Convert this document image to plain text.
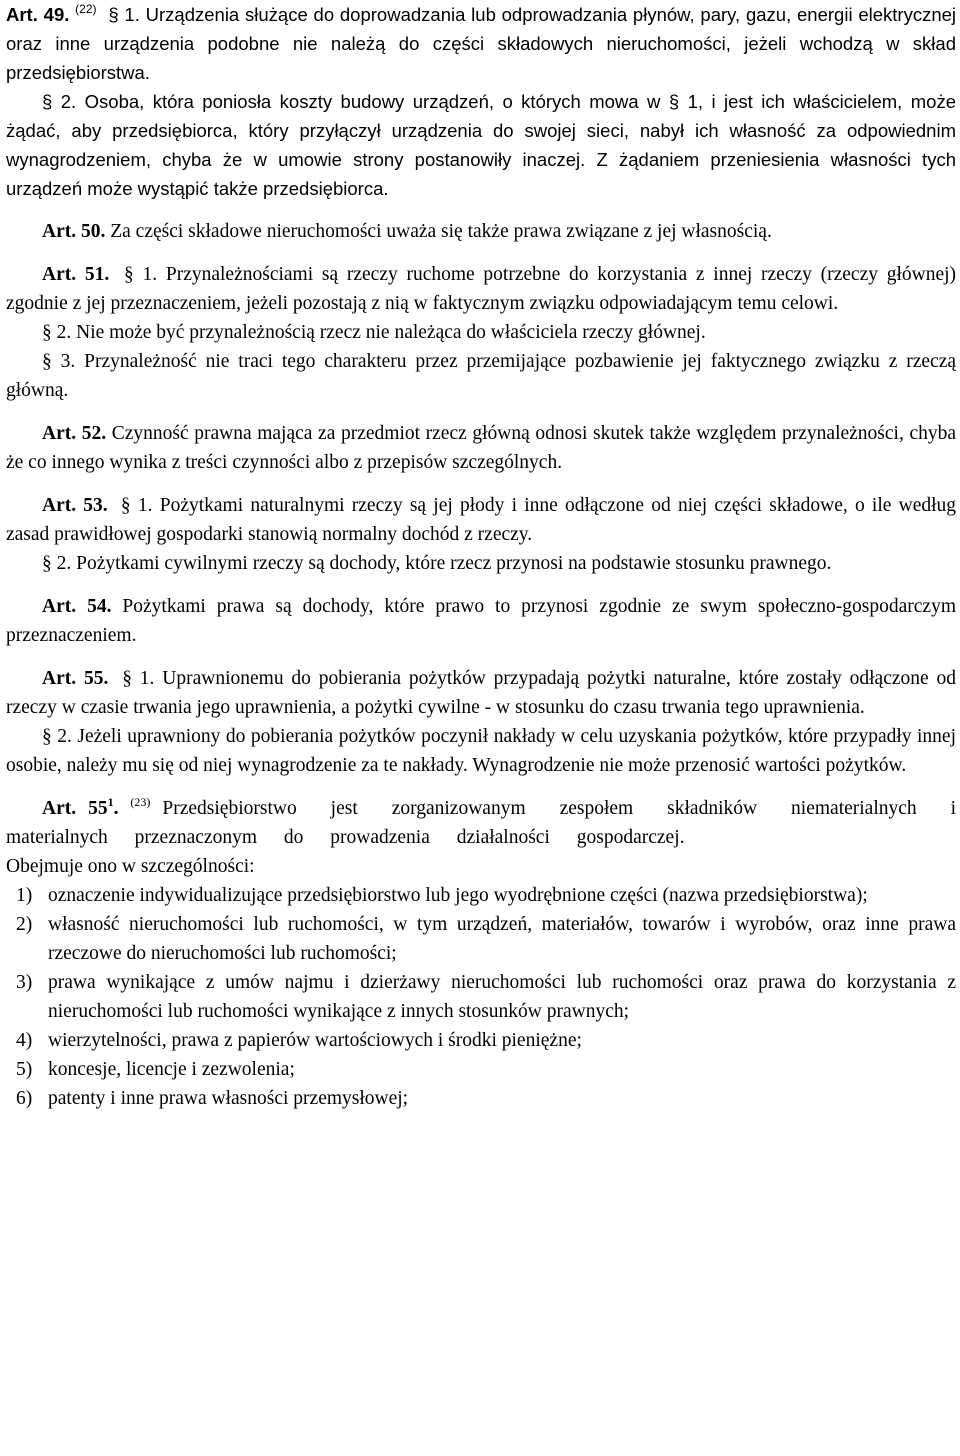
Art. 49. $^{(22)}$ § 1. Urządzenia służące do doprowadzania lub odprowadzania płynów, pary, gazu, energii elektrycznej oraz inne urządzenia podobne nie należą do części składowych nieruchomości, jeżeli wchodzą w skład przedsiębiorstwa.

§ 2. Osoba, która poniosła koszty budowy urządzeń, o których mowa w § 1, i jest ich właścicielem, może żądać, aby przedsiębiorca, który przyłączył urządzenia do swojej sieci, nabył ich własność za odpowiednim wynagrodzeniem, chyba że w umowie strony postanowiły inaczej. Z żądaniem przeniesienia własności tych urządzeń może wystąpić także przedsiębiorca.

Art. 50. Za części składowe nieruchomości uważa się także prawa związane z jej własnością.

Art. 51. § 1. Przynależnościami są rzeczy ruchome potrzebne do korzystania z innej rzeczy (rzeczy głównej) zgodnie z jej przeznaczeniem, jeżeli pozostają z nią w faktycznym związku odpowiadającym temu celowi.

§ 2. Nie może być przynależnością rzecz nie należąca do właściciela rzeczy głównej.

§ 3. Przynależność nie traci tego charakteru przez przemijające pozbawienie jej faktycznego związku z rzeczą główną.

Art. 52. Czynność prawna mająca za przedmiot rzecz główną odnosi skutek także względem przynależności, chyba że co innego wynika z treści czynności albo z przepisów szczególnych.

Art. 53. § 1. Pożytkami naturalnymi rzeczy są jej płody i inne odłączone od niej części składowe, o ile według zasad prawidłowej gospodarki stanowią normalny dochód z rzeczy.

§ 2. Pożytkami cywilnymi rzeczy są dochody, które rzecz przynosi na podstawie stosunku prawnego.

Art. 54. Pożytkami prawa są dochody, które prawo to przynosi zgodnie ze swym społeczno-gospodarczym przeznaczeniem.

Art. 55. § 1. Uprawnionemu do pobierania pożytków przypadają pożytki naturalne, które zostały odłączone od rzeczy w czasie trwania jego uprawnienia, a pożytki cywilne - w stosunku do czasu trwania tego uprawnienia.

§ 2. Jeżeli uprawniony do pobierania pożytków poczynił nakłady w celu uzyskania pożytków, które przypadły innej osobie, należy mu się od niej wynagrodzenie za te nakłady. Wynagrodzenie nie może przenosić wartości pożytków.

Art. $55^1$. $^{(23)}$ Przedsiębiorstwo jest zorganizowanym zespołem składników niematerialnych i materialnych przeznaczonym do prowadzenia działalności gospodarczej.

Obejmuje ono w szczególności:

1) oznaczenie indywidualizujące przedsiębiorstwo lub jego wyodrębnione części (nazwa przedsiębiorstwa);
2) własność nieruchomości lub ruchomości, w tym urządzeń, materiałów, towarów i wyrobów, oraz inne prawa rzeczowe do nieruchomości lub ruchomości;
3) prawa wynikające z umów najmu i dzierżawy nieruchomości lub ruchomości oraz prawa do korzystania z nieruchomości lub ruchomości wynikające z innych stosunków prawnych;
4) wierzytelności, prawa z papierów wartościowych i środki pieniężne;
5) koncesje, licencje i zezwolenia;
6) patenty i inne prawa własności przemysłowej;
